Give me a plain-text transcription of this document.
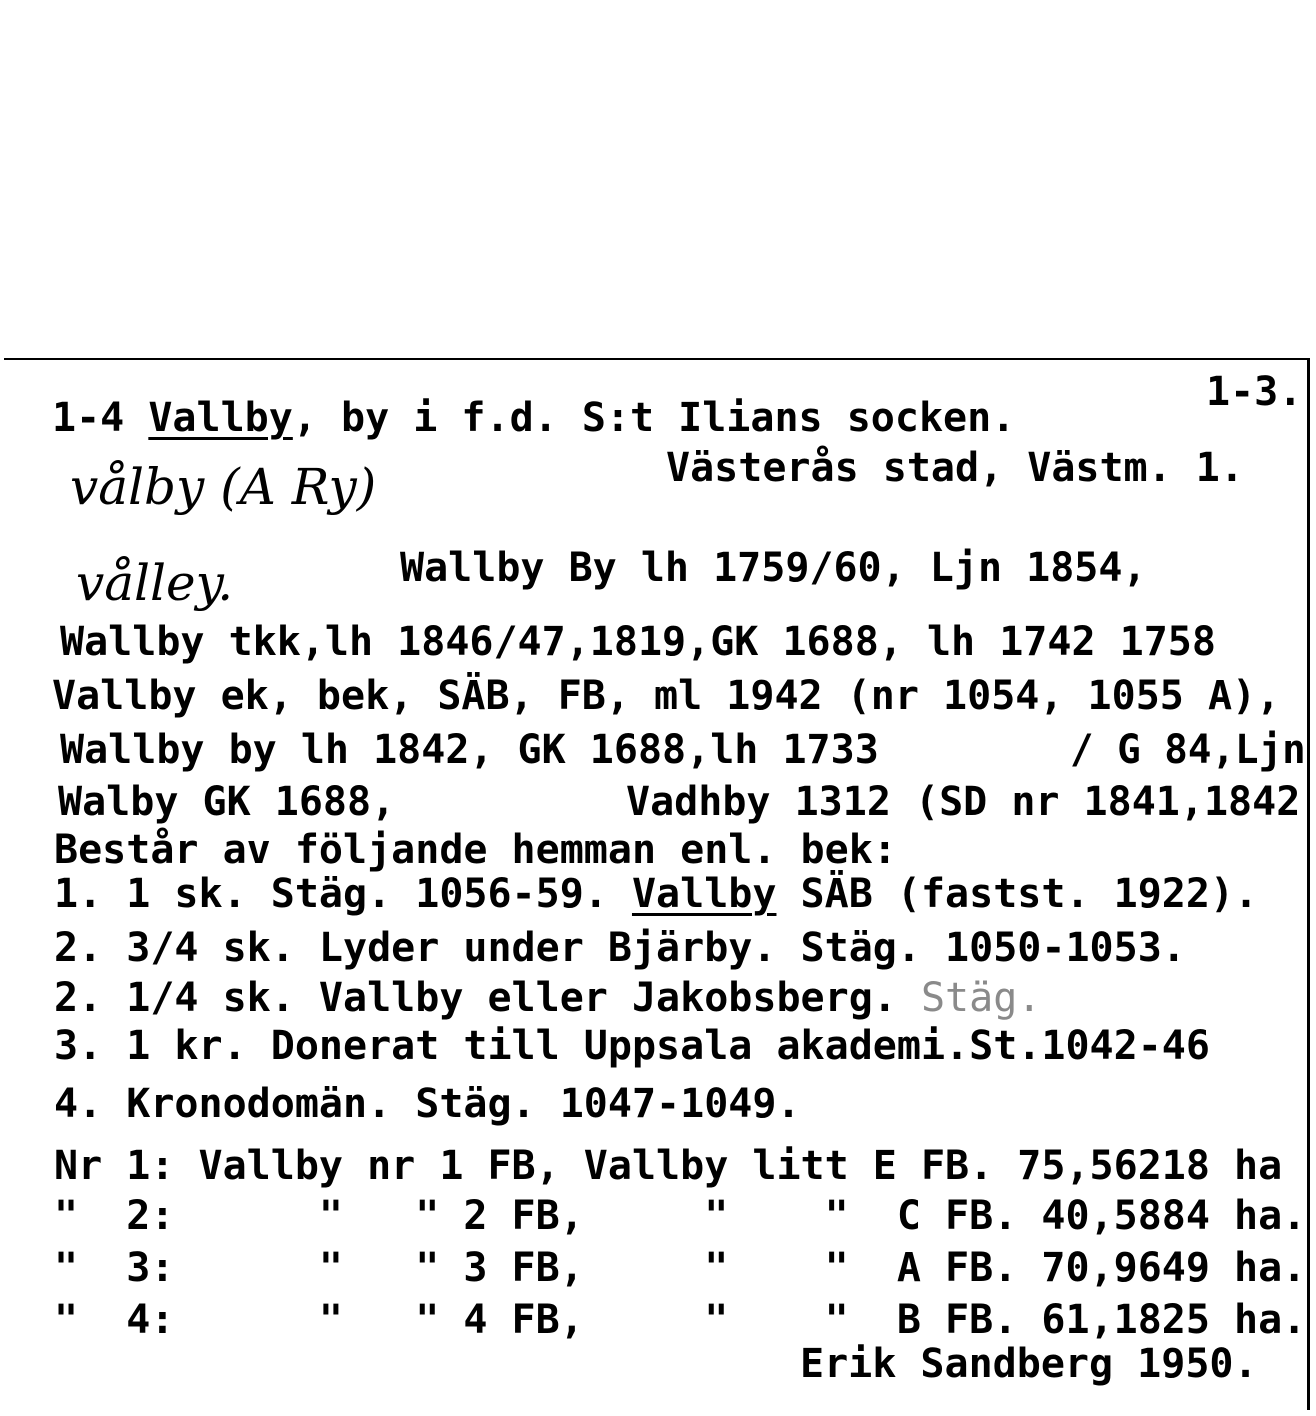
1-3.
1-4 Vallby, by i f.d. S:t Ilians socken.
Västerås stad, Västm. 1.
vålby (A Ry)
vålley.	Wallby By lh 1759/60, Ljn 1854,
Wallby tkk,lh 1846/47,1819,GK 1688, lh 1742 1758
Vallby ek, bek, SÄB, FB, ml 1942 (nr 1054, 1055 A),
Wallby by lh 1842, GK 1688,lh 1733	/ G 84,Ljn
Walby GK 1688,	Vadhby 1312 (SD nr 1841,1842
Består av följande hemman enl. bek:
1. 1 sk. Stäg. 1056-59. Vallby SÄB (fastst. 1922).
2. 3/4 sk. Lyder under Bjärby. Stäg. 1050-1053.
2. 1/4 sk. Vallby eller Jakobsberg. Stäg.
3. 1 kr. Donerat till Uppsala akademi.St.1042-46
4. Kronodomän. Stäg. 1047-1049.
Nr 1: Vallby nr 1 FB, Vallby litt E FB. 75,56218 ha
"  2:      "   " 2 FB,     "    "  C FB. 40,5884 ha.
"  3:      "   " 3 FB,     "    "  A FB. 70,9649 ha.
"  4:      "   " 4 FB,     "    "  B FB. 61,1825 ha.
Erik Sandberg 1950.
